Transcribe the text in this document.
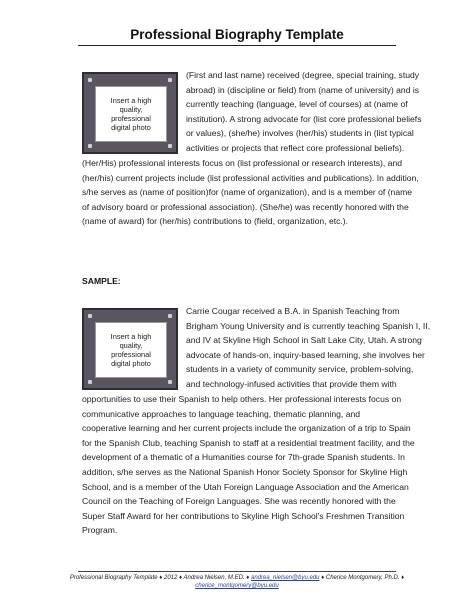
Professional Biography Template
Insert a high
quality,
professional
digital photo

(First and last name) received (degree, special training, study
abroad) in (discipline or field) from (name of university) and is
currently teaching (language, level of courses) at (name of
institution). A strong advocate for (list core professional beliefs
or values), (she/he) involves (her/his) students in (list typical
activities or projects that reflect core professional beliefs).

(Her/His) professional interests focus on (list professional or research interests), and
(her/his) current projects include (list professional activities and publications). In addition,
s/he serves as (name of position)for (name of organization), and is a member of (name
of advisory board or professional association). (She/he) was recently honored with the
(name of award) for (her/his) contributions to (field, organization, etc.).

SAMPLE:
Insert a high
quality,
professional
digital photo

Carrie Cougar received a B.A. in Spanish Teaching from
Brigham Young University and is currently teaching Spanish I, II,
and IV at Skyline High School in Salt Lake City, Utah. A strong
advocate of hands-on, inquiry-based learning, she involves her
students in a variety of community service, problem-solving,
and technology-infused activities that provide them with

opportunities to use their Spanish to help others. Her professional interests focus on
communicative approaches to language teaching, thematic planning, and
cooperative learning and her current projects include the organization of a trip to Spain
for the Spanish Club, teaching Spanish to staff at a residential treatment facility, and the
development of a thematic of a Humanities course for 7th-grade Spanish students. In
addition, s/he serves as the National Spanish Honor Society Sponsor for Skyline High
School, and is a member of the Utah Foreign Language Association and the American
Council on the Teaching of Foreign Languages. She was recently honored with the
Super Staff Award for her contributions to Skyline High School's Freshmen Transition
Program.

Professional Biography Template ♦ 2012 ♦ Andrea Nielsen, M.ED. ♦ andrea_nielsen@byu.edu ♦ Cherice Montgomery, Ph.D. ♦
cherice_montgomery@byu.edu
